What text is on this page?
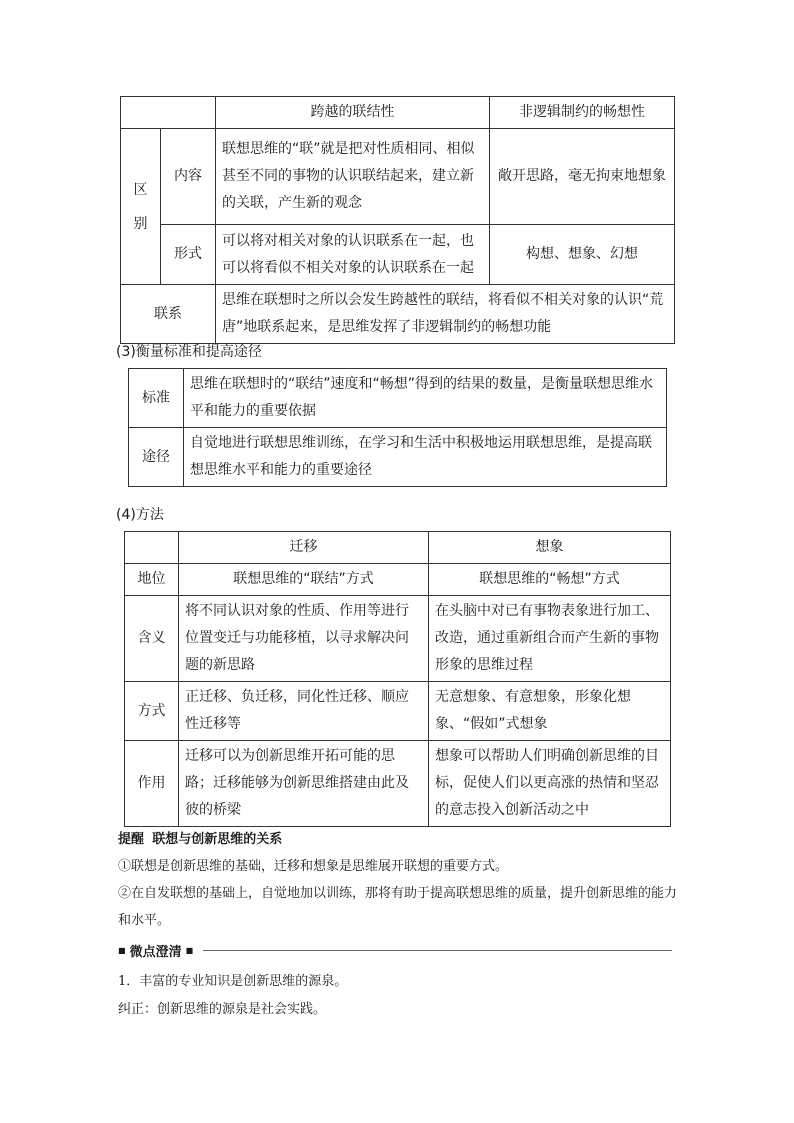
		跨越的联结性	非逻辑制约的畅想性

区别	内容	联想思维的“联”就是把对性质相同、相似甚至不同的事物的认识联结起来，建立新的关联，产生新的观念	敞开思路，毫无拘束地想象
	形式	可以将对相关对象的认识联系在一起，也可以将看似不相关对象的认识联系在一起	构想、想象、幻想
联系		思维在联想时之所以会发生跨越性的联结，将看似不相关对象的认识“荒唐”地联系起来，是思维发挥了非逻辑制约的畅想功能	
(3)衡量标准和提高途径
标准	思维在联想时的“联结”速度和“畅想”得到的结果的数量，是衡量联想思维水平和能力的重要依据
途径	自觉地进行联想思维训练，在学习和生活中积极地运用联想思维，是提高联想思维水平和能力的重要途径
(4)方法
	迁移	想象
地位	联想思维的“联结”方式	联想思维的“畅想”方式
含义	将不同认识对象的性质、作用等进行位置变迁与功能移植，以寻求解决问题的新思路	在头脑中对已有事物表象进行加工、改造，通过重新组合而产生新的事物形象的思维过程
方式	正迁移、负迁移，同化性迁移、顺应性迁移等	无意想象、有意想象，形象化想象、“假如”式想象
作用	迁移可以为创新思维开拓可能的思路；迁移能够为创新思维搭建由此及彼的桥梁	想象可以帮助人们明确创新思维的目标，促使人们以更高涨的热情和坚忍的意志投入创新活动之中
提醒 联想与创新思维的关系
①联想是创新思维的基础，迁移和想象是思维展开联想的重要方式。
②在自发联想的基础上，自觉地加以训练，那将有助于提高联想思维的质量，提升创新思维的能力和水平。
■ 微点澄清 ■
1．丰富的专业知识是创新思维的源泉。
纠正：创新思维的源泉是社会实践。
